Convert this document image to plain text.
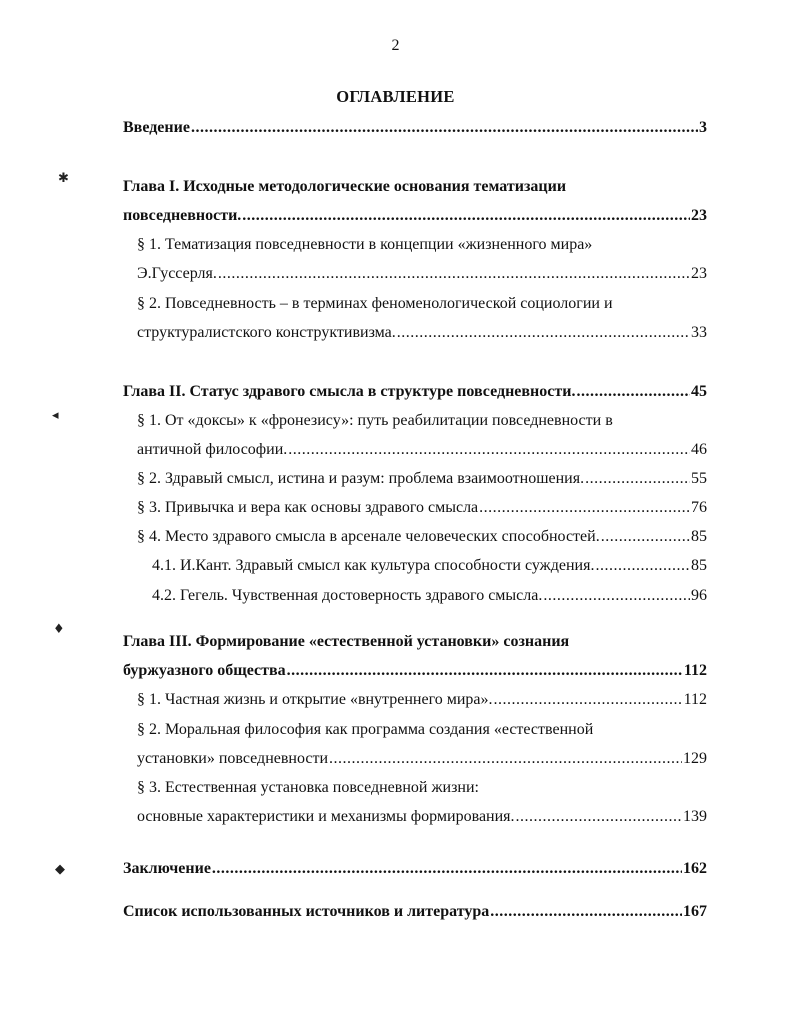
2
ОГЛАВЛЕНИЕ
Введение .....	3
Глава I. Исходные методологические основания тематизации
повседневности. .....	23
§ 1. Тематизация повседневности в концепции «жизненного мира»
Э.Гуссерля. .....	23
§ 2. Повседневность – в терминах феноменологической социологии и
структуралистского конструктивизма. .....	33
Глава II. Статус здравого смысла в структуре повседневности. .....	45
§ 1. От «доксы» к «фронезису»: путь реабилитации повседневности в
античной философии. .....	46
§ 2. Здравый смысл, истина и разум: проблема взаимоотношения. .....	55
§ 3. Привычка и вера как основы здравого смысла .....	76
§ 4. Место здравого смысла в арсенале человеческих способностей. .....	85
4.1. И.Кант. Здравый смысл как культура способности суждения. .....	85
4.2. Гегель. Чувственная достоверность здравого смысла. .....	96
Глава III. Формирование «естественной установки» сознания
буржуазного общества .....	112
§ 1. Частная жизнь и открытие «внутреннего мира». .....	112
§ 2. Моральная философия как программа создания «естественной
установки» повседневности .....	129
§ 3. Естественная установка повседневной жизни:
основные характеристики и механизмы формирования. .....	139
Заключение .....	162
Список использованных источников и литература .....	167
✱
◂
♦
◆
